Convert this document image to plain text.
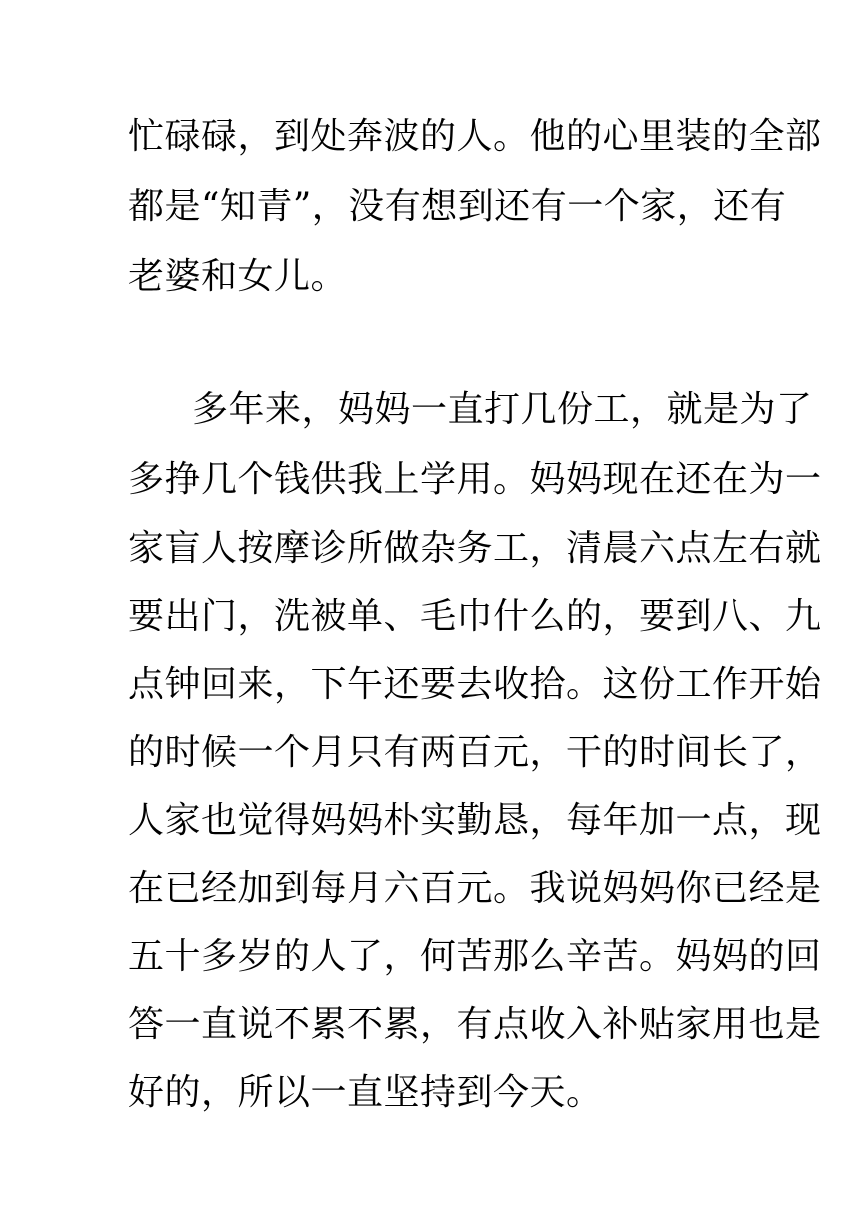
忙碌碌，到处奔波的人。他的心里装的全部
都是“知青”，没有想到还有一个家，还有
老婆和女儿。
多年来，妈妈一直打几份工，就是为了
多挣几个钱供我上学用。妈妈现在还在为一
家盲人按摩诊所做杂务工，清晨六点左右就
要出门，洗被单、毛巾什么的，要到八、九
点钟回来，下午还要去收拾。这份工作开始
的时候一个月只有两百元，干的时间长了，
人家也觉得妈妈朴实勤恳，每年加一点，现
在已经加到每月六百元。我说妈妈你已经是
五十多岁的人了，何苦那么辛苦。妈妈的回
答一直说不累不累，有点收入补贴家用也是
好的，所以一直坚持到今天。
